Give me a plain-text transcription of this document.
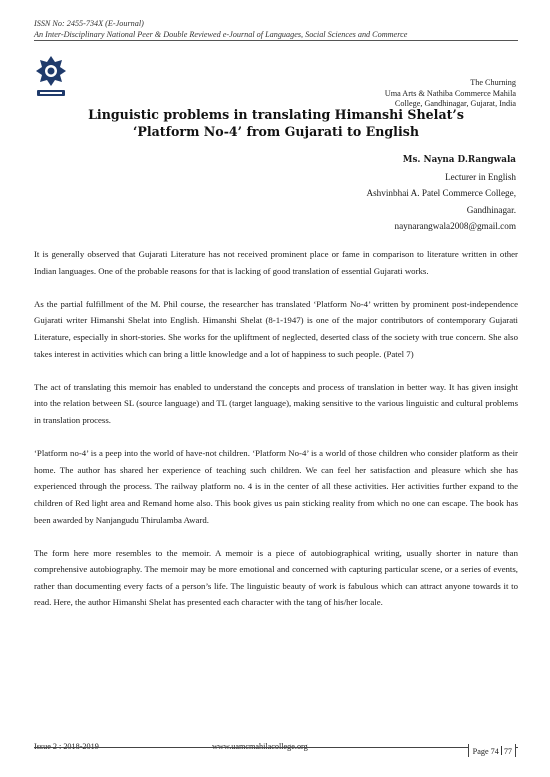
ISSN No: 2455-734X (E-Journal)
An Inter-Disciplinary National Peer & Double Reviewed e-Journal of Languages, Social Sciences and Commerce
The Churning
Uma Arts & Nathiba Commerce Mahila
College, Gandhinagar, Gujarat, India
Linguistic problems in translating Himanshi Shelat’s
‘Platform No-4’ from Gujarati to English
Ms. Nayna D.Rangwala
Lecturer in English
Ashvinbhai A. Patel Commerce College,
Gandhinagar.
naynarangwala2008@gmail.com

It is generally observed that Gujarati Literature has not received prominent place or fame in comparison to literature written in other Indian languages. One of the probable reasons for that is lacking of good translation of essential Gujarati works.

As the partial fulfillment of the M. Phil course, the researcher has translated ‘Platform No-4’ written by prominent post-independence Gujarati writer Himanshi Shelat into English. Himanshi Shelat (8-1-1947) is one of the major contributors of contemporary Gujarati Literature, especially in short-stories. She works for the upliftment of neglected, deserted class of the society with true concern. She also takes interest in activities which can bring a little knowledge and a lot of happiness to such people. (Patel 7)

The act of translating this memoir has enabled to understand the concepts and process of translation in better way. It has given insight into the relation between SL (source language) and TL (target language), making sensitive to the various linguistic and cultural problems in translation process.

‘Platform no-4’ is a peep into the world of have-not children. ‘Platform No-4’ is a world of those children who consider platform as their home. The author has shared her experience of teaching such children. We can feel her satisfaction and pleasure which she has experienced through the process. The railway platform no. 4 is in the center of all these activities. Her activities further expand to the children of Red light area and Remand home also. This book gives us pain sticking reality from which no one can escape. The book has been awarded by Nanjangudu Thirulamba Award.

The form here more resembles to the memoir. A memoir is a piece of autobiographical writing, usually shorter in nature than comprehensive autobiography. The memoir may be more emotional and concerned with capturing particular scene, or a series of events, rather than documenting every facts of a person’s life. The linguistic beauty of work is fabulous which can attract anyone towards it to read. Here, the author Himanshi Shelat has presented each character with the tang of his/her locale.

Issue 2 : 2018-2019	www.uamcmahilacollege.org
Page 74 77
